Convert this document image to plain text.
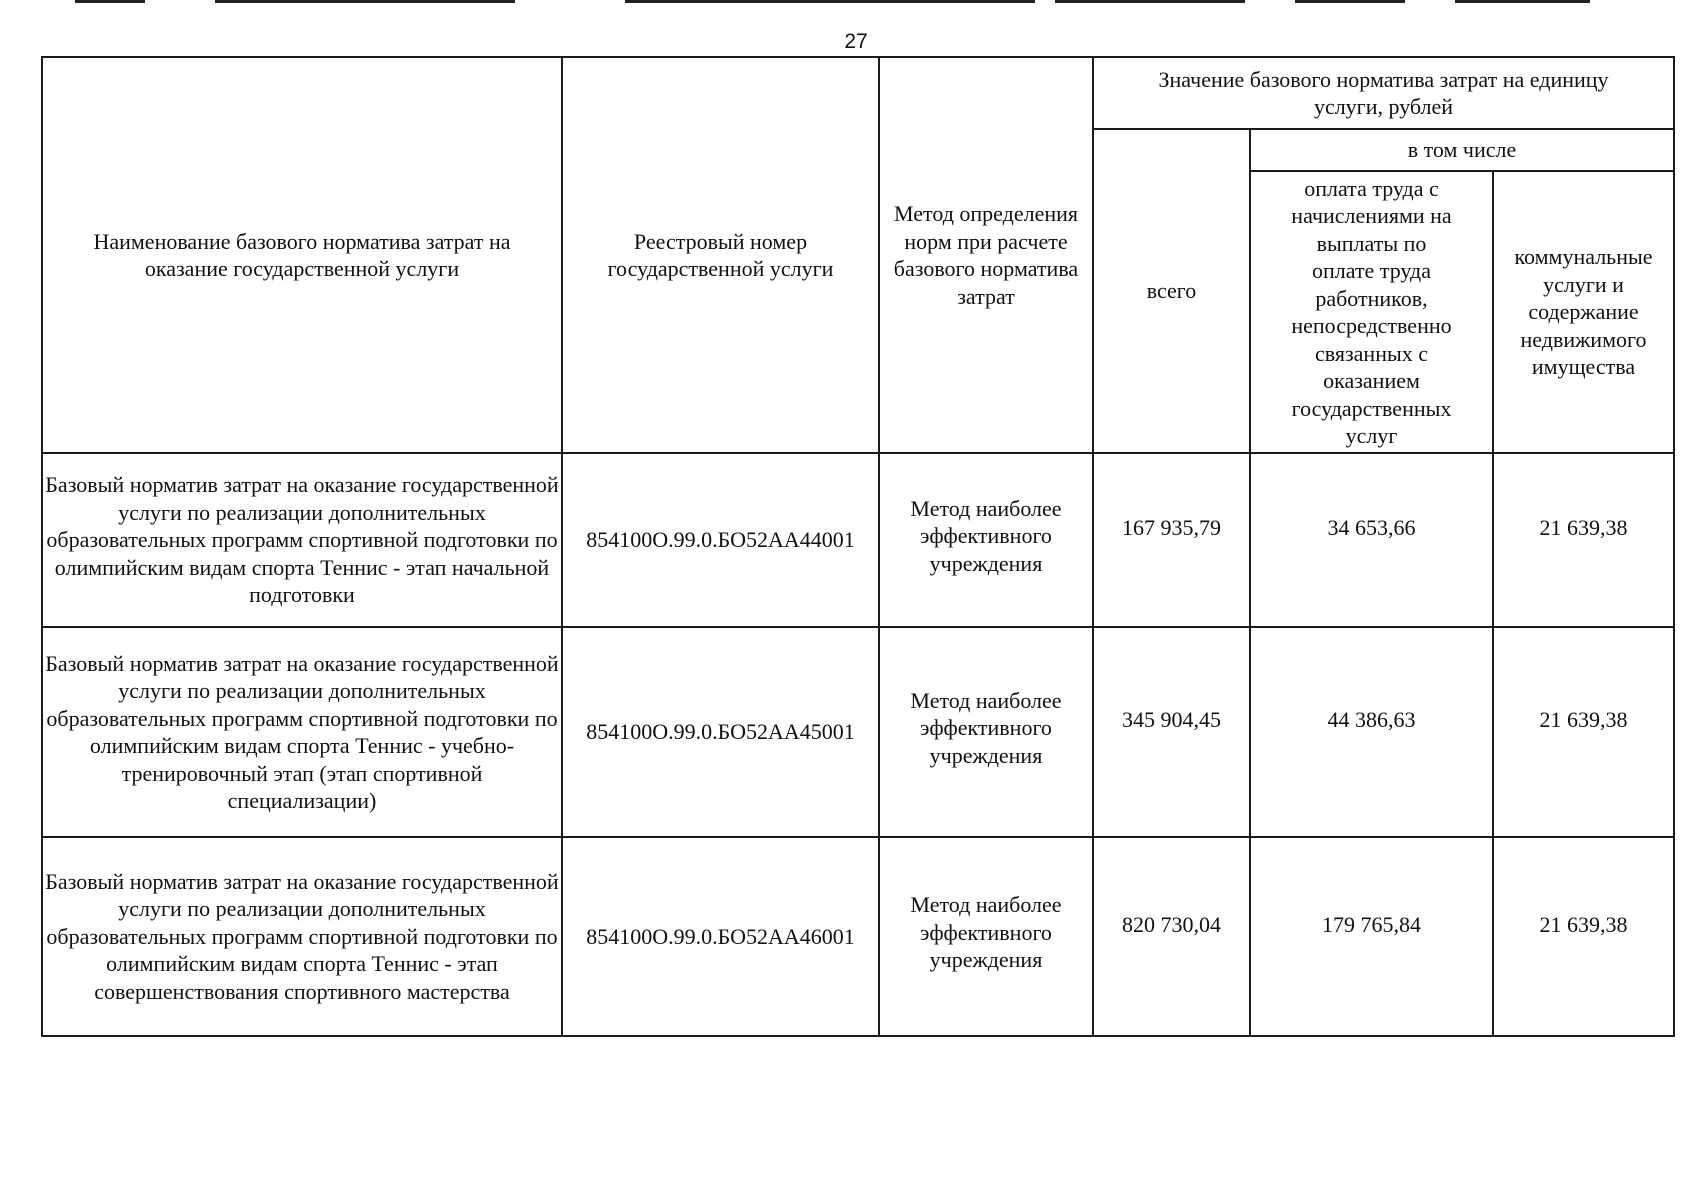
27
Наименование базового норматива затрат на оказание государственной услуги	Реестровый номер государственной услуги	Метод определения норм при расчете базового норматива затрат	Значение базового норматива затрат на единицу услуги, рублей		
			всего	в том числе	
				оплата труда с начислениями на выплаты по оплате труда работников, непосредственно связанных с оказанием государственных услуг	коммунальные услуги и содержание недвижимого имущества
Базовый норматив затрат на оказание государственной услуги по реализации дополнительных образовательных программ спортивной подготовки по олимпийским видам спорта Теннис - этап начальной подготовки	854100О.99.0.БО52АА44001	Метод наиболее эффективного учреждения	167 935,79	34 653,66	21 639,38

Базовый норматив затрат на оказание государственной услуги по реализации дополнительных образовательных программ спортивной подготовки по олимпийским видам спорта Теннис - учебно-тренировочный этап (этап спортивной специализации)	854100О.99.0.БО52АА45001	Метод наиболее эффективного учреждения	345 904,45	44 386,63	21 639,38

Базовый норматив затрат на оказание государственной услуги по реализации дополнительных образовательных программ спортивной подготовки по олимпийским видам спорта Теннис - этап совершенствования спортивного мастерства	854100О.99.0.БО52АА46001	Метод наиболее эффективного учреждения	820 730,04	179 765,84	21 639,38
